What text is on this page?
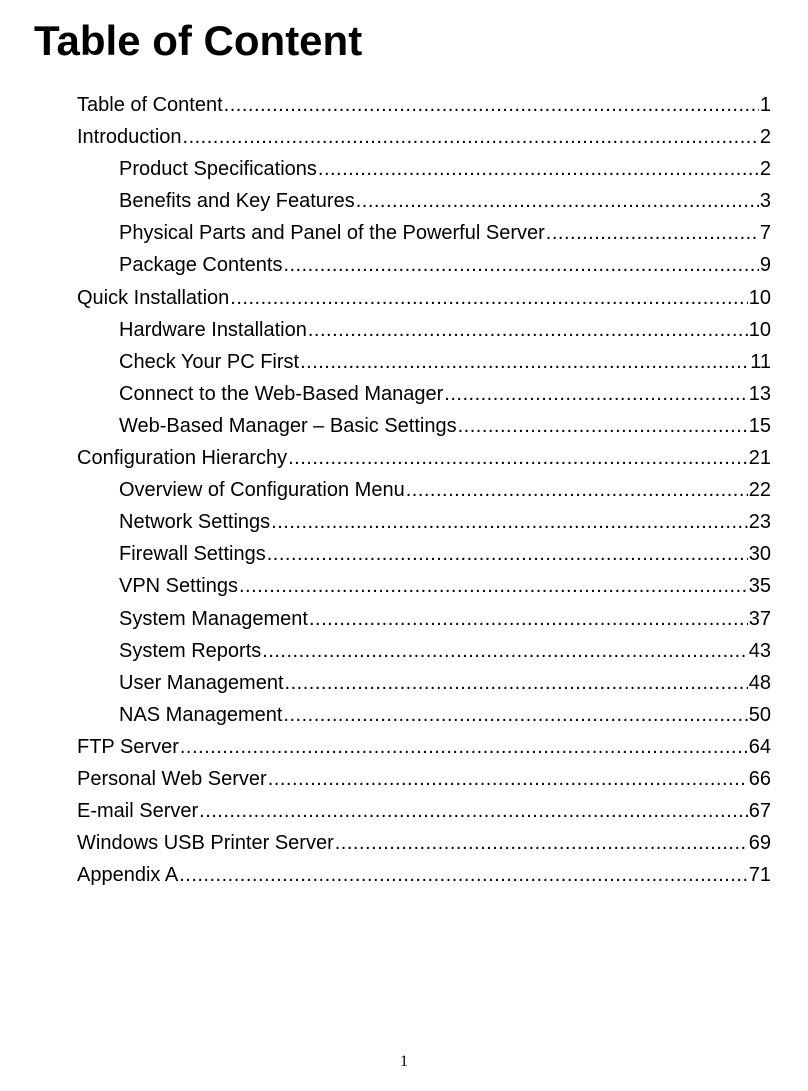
Table of Content
Table of Content .....	1
Introduction .....	2
Product Specifications .....	2
Benefits and Key Features .....	3
Physical Parts and Panel of the Powerful Server .....	7
Package Contents .....	9
Quick Installation .....	10
Hardware Installation .....	10
Check Your PC First .....	11
Connect to the Web-Based Manager .....	13
Web-Based Manager – Basic Settings .....	15
Configuration Hierarchy .....	21
Overview of Configuration Menu .....	22
Network Settings .....	23
Firewall Settings .....	30
VPN Settings .....	35
System Management .....	37
System Reports .....	43
User Management .....	48
NAS Management .....	50
FTP Server .....	64
Personal Web Server .....	66
E-mail Server .....	67
Windows USB Printer Server .....	69
Appendix A .....	71
1
